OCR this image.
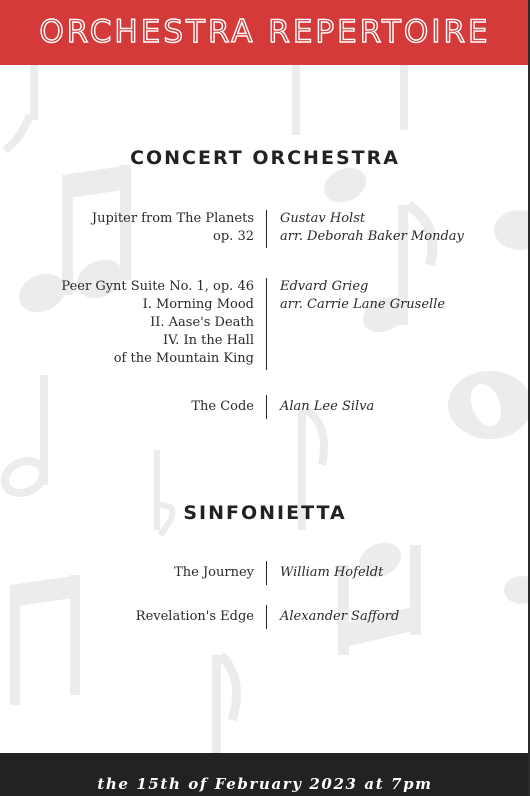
ORCHESTRA REPERTOIRE
CONCERT ORCHESTRA
Jupiter from The Planets
op. 32
Gustav Holst
arr. Deborah Baker Monday
Peer Gynt Suite No. 1, op. 46
I. Morning Mood
II. Aase's Death
IV. In the Hall
of the Mountain King
Edvard Grieg
arr. Carrie Lane Gruselle
The Code Alan Lee Silva
SINFONIETTA
The Journey William Hofeldt
Revelation's Edge Alexander Safford
the 15th of February 2023 at 7pm
